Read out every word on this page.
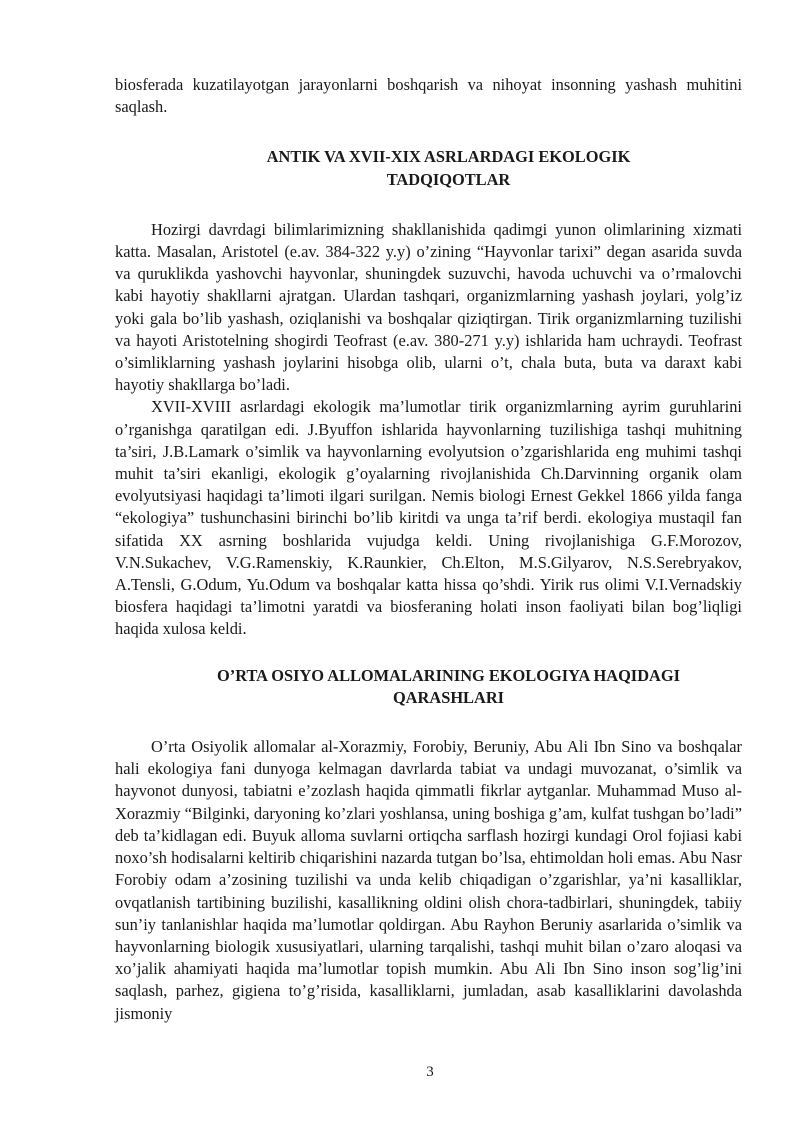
biosferada kuzatilayotgan jarayonlarni boshqarish va nihoyat insonning yashash muhitini saqlash.

ANTIK VA XVII-XIX ASRLARDAGI EKOLOGIK
TADQIQOTLAR

Hozirgi davrdagi bilimlarimizning shakllanishida qadimgi yunon olimlarining xizmati katta. Masalan, Aristotel (e.av. 384-322 y.y) o’zining “Hayvonlar tarixi” degan asarida suvda va quruklikda yashovchi hayvonlar, shuningdek suzuvchi, havoda uchuvchi va o’rmalovchi kabi hayotiy shakllarni ajratgan. Ulardan tashqari, organizmlarning yashash joylari, yolg’iz yoki gala bo’lib yashash, oziqlanishi va boshqalar qiziqtirgan. Tirik organizmlarning tuzilishi va hayoti Aristotelning shogirdi Teofrast (e.av. 380-271 y.y) ishlarida ham uchraydi. Teofrast o’simliklarning yashash joylarini hisobga olib, ularni o’t, chala buta, buta va daraxt kabi hayotiy shakllarga bo’ladi.

XVII-XVIII asrlardagi ekologik ma’lumotlar tirik organizmlarning ayrim guruhlarini o’rganishga qaratilgan edi. J.Byuffon ishlarida hayvonlarning tuzilishiga tashqi muhitning ta’siri, J.B.Lamark o’simlik va hayvonlarning evolyutsion o’zgarishlarida eng muhimi tashqi muhit ta’siri ekanligi, ekologik g’oyalarning rivojlanishida Ch.Darvinning organik olam evolyutsiyasi haqidagi ta’limoti ilgari surilgan. Nemis biologi Ernest Gekkel 1866 yilda fanga “ekologiya” tushunchasini birinchi bo’lib kiritdi va unga ta’rif berdi. ekologiya mustaqil fan sifatida XX asrning boshlarida vujudga keldi. Uning rivojlanishiga G.F.Morozov, V.N.Sukachev, V.G.Ramenskiy, K.Raunkier, Ch.Elton, M.S.Gilyarov, N.S.Serebryakov, A.Tensli, G.Odum, Yu.Odum va boshqalar katta hissa qo’shdi. Yirik rus olimi V.I.Vernadskiy biosfera haqidagi ta’limotni yaratdi va biosferaning holati inson faoliyati bilan bog’liqligi haqida xulosa keldi.

O’RTA OSIYO ALLOMALARINING EKOLOGIYA HAQIDAGI
QARASHLARI

O’rta Osiyolik allomalar al-Xorazmiy, Forobiy, Beruniy, Abu Ali Ibn Sino va boshqalar hali ekologiya fani dunyoga kelmagan davrlarda tabiat va undagi muvozanat, o’simlik va hayvonot dunyosi, tabiatni e’zozlash haqida qimmatli fikrlar aytganlar. Muhammad Muso al-Xorazmiy “Bilginki, daryoning ko’zlari yoshlansa, uning boshiga g’am, kulfat tushgan bo’ladi” deb ta’kidlagan edi. Buyuk alloma suvlarni ortiqcha sarflash hozirgi kundagi Orol fojiasi kabi noxo’sh hodisalarni keltirib chiqarishini nazarda tutgan bo’lsa, ehtimoldan holi emas. Abu Nasr Forobiy odam a’zosining tuzilishi va unda kelib chiqadigan o’zgarishlar, ya’ni kasalliklar, ovqatlanish tartibining buzilishi, kasallikning oldini olish chora-tadbirlari, shuningdek, tabiiy sun’iy tanlanishlar haqida ma’lumotlar qoldirgan. Abu Rayhon Beruniy asarlarida o’simlik va hayvonlarning biologik xususiyatlari, ularning tarqalishi, tashqi muhit bilan o’zaro aloqasi va xo’jalik ahamiyati haqida ma’lumotlar topish mumkin. Abu Ali Ibn Sino inson sog’lig’ini saqlash, parhez, gigiena to’g’risida, kasalliklarni, jumladan, asab kasalliklarini davolashda jismoniy

3
